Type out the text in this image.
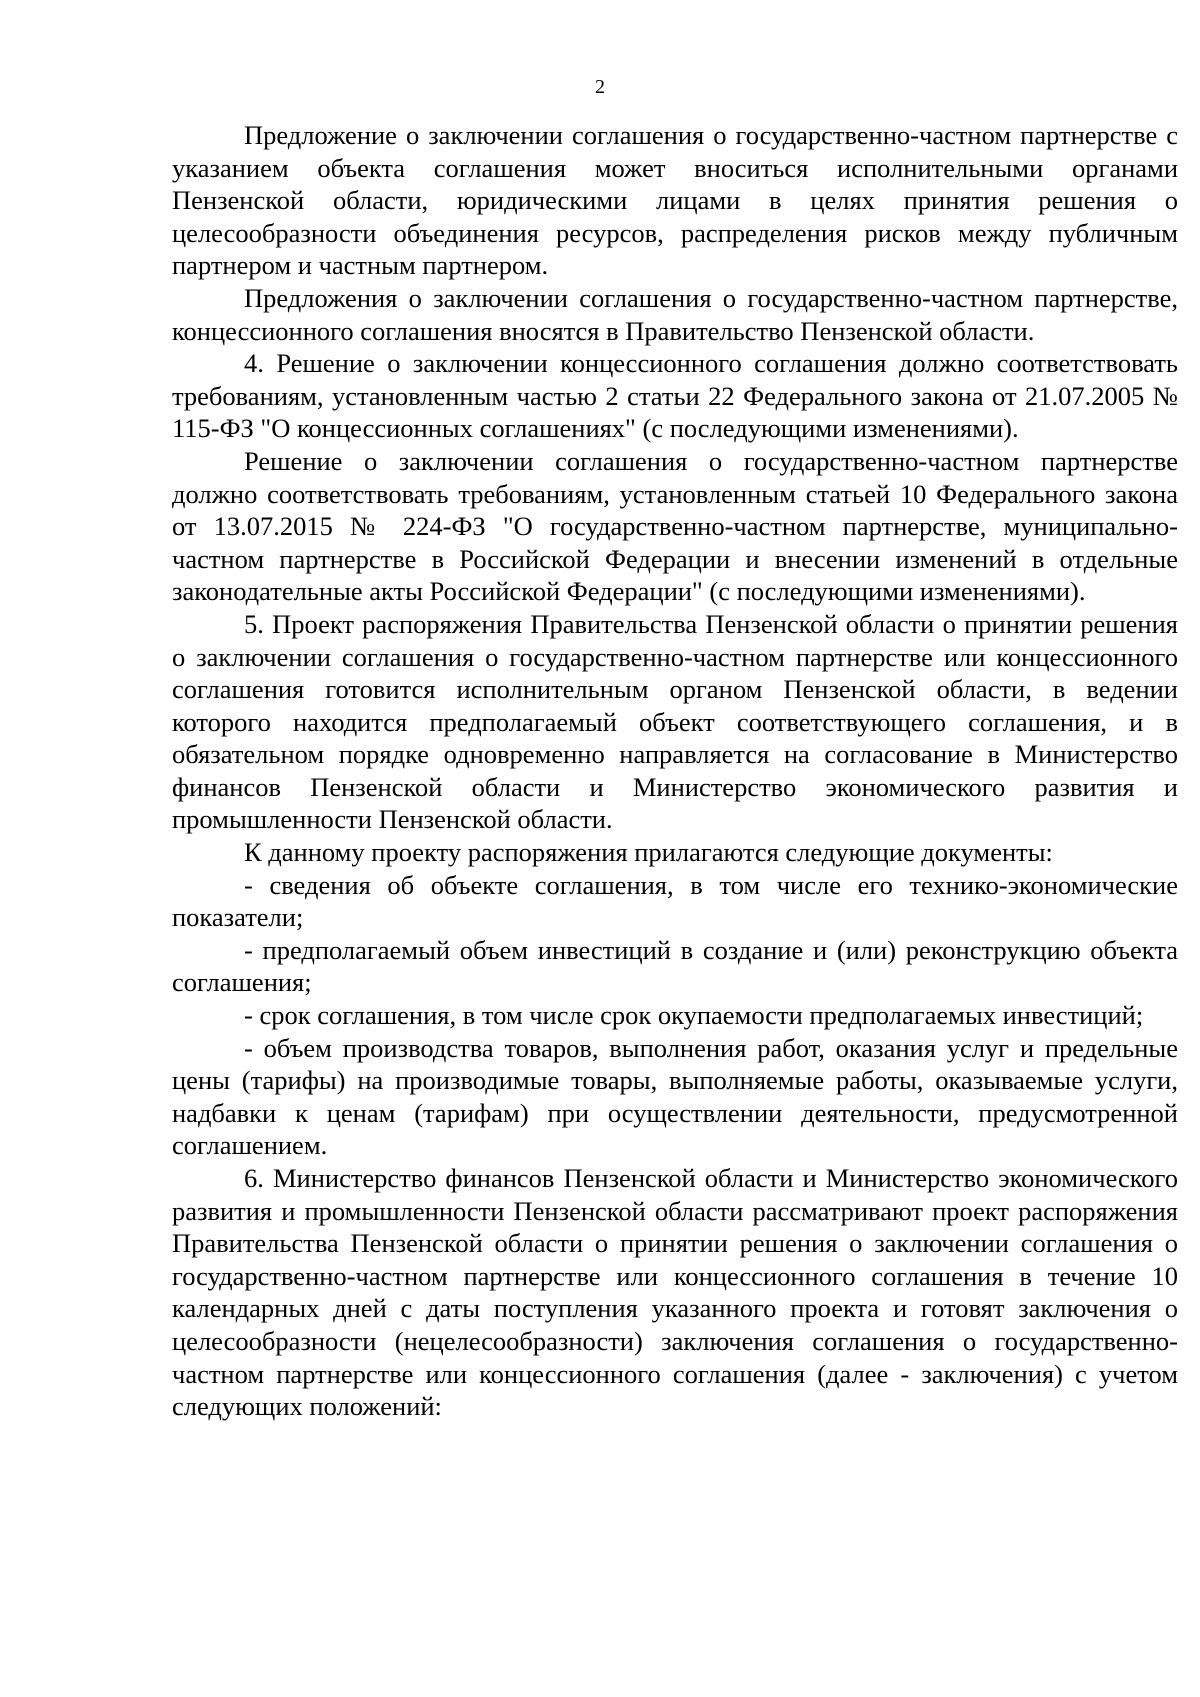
2

Предложение о заключении соглашения о государственно-частном партнерстве с указанием объекта соглашения может вноситься исполнительными органами Пензенской области, юридическими лицами в целях принятия решения о целесообразности объединения ресурсов, распределения рисков между публичным партнером и частным партнером.

Предложения о заключении соглашения о государственно-частном партнерстве, концессионного соглашения вносятся в Правительство Пензенской области.

4. Решение о заключении концессионного соглашения должно соответствовать требованиям, установленным частью 2 статьи 22 Федерального закона от 21.07.2005 № 115-ФЗ "О концессионных соглашениях" (с последующими изменениями).

Решение о заключении соглашения о государственно-частном партнерстве должно соответствовать требованиям, установленным статьей 10 Федерального закона от 13.07.2015 № 224-ФЗ "О государственно-частном партнерстве, муниципально-частном партнерстве в Российской Федерации и внесении изменений в отдельные законодательные акты Российской Федерации" (с последующими изменениями).

5. Проект распоряжения Правительства Пензенской области о принятии решения о заключении соглашения о государственно-частном партнерстве или концессионного соглашения готовится исполнительным органом Пензенской области, в ведении которого находится предполагаемый объект соответствующего соглашения, и в обязательном порядке одновременно направляется на согласование в Министерство финансов Пензенской области и Министерство экономического развития и промышленности Пензенской области.

К данному проекту распоряжения прилагаются следующие документы:

- сведения об объекте соглашения, в том числе его технико-экономические показатели;

- предполагаемый объем инвестиций в создание и (или) реконструкцию объекта соглашения;

- срок соглашения, в том числе срок окупаемости предполагаемых инвестиций;

- объем производства товаров, выполнения работ, оказания услуг и предельные цены (тарифы) на производимые товары, выполняемые работы, оказываемые услуги, надбавки к ценам (тарифам) при осуществлении деятельности, предусмотренной соглашением.

6. Министерство финансов Пензенской области и Министерство экономического развития и промышленности Пензенской области рассматривают проект распоряжения Правительства Пензенской области о принятии решения о заключении соглашения о государственно-частном партнерстве или концессионного соглашения в течение 10 календарных дней с даты поступления указанного проекта и готовят заключения о целесообразности (нецелесообразности) заключения соглашения о государственно-частном партнерстве или концессионного соглашения (далее - заключения) с учетом следующих положений:
